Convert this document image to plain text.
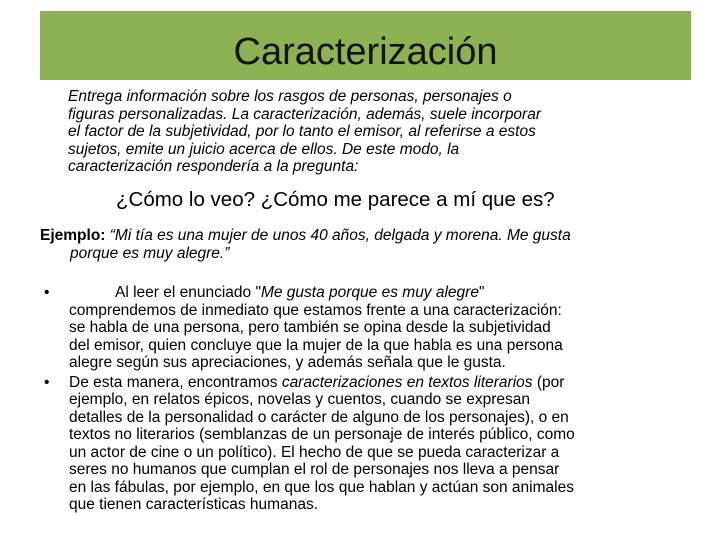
Caracterización
Entrega información sobre los rasgos de personas, personajes o
figuras personalizadas. La caracterización, además, suele incorporar
el factor de la subjetividad, por lo tanto el emisor, al referirse a estos
sujetos, emite un juicio acerca de ellos. De este modo, la
caracterización respondería a la pregunta:
¿Cómo lo veo? ¿Cómo me parece a mí que es?
Ejemplo: “Mi tía es una mujer de unos 40 años, delgada y morena. Me gusta
porque es muy alegre.”
•	Al leer el enunciado "Me gusta porque es muy alegre"
comprendemos de inmediato que estamos frente a una caracterización:
se habla de una persona, pero también se opina desde la subjetividad
del emisor, quien concluye que la mujer de la que habla es una persona
alegre según sus apreciaciones, y además señala que le gusta.
•	De esta manera, encontramos caracterizaciones en textos literarios (por
ejemplo, en relatos épicos, novelas y cuentos, cuando se expresan
detalles de la personalidad o carácter de alguno de los personajes), o en
textos no literarios (semblanzas de un personaje de interés público, como
un actor de cine o un político). El hecho de que se pueda caracterizar a
seres no humanos que cumplan el rol de personajes nos lleva a pensar
en las fábulas, por ejemplo, en que los que hablan y actúan son animales
que tienen características humanas.
